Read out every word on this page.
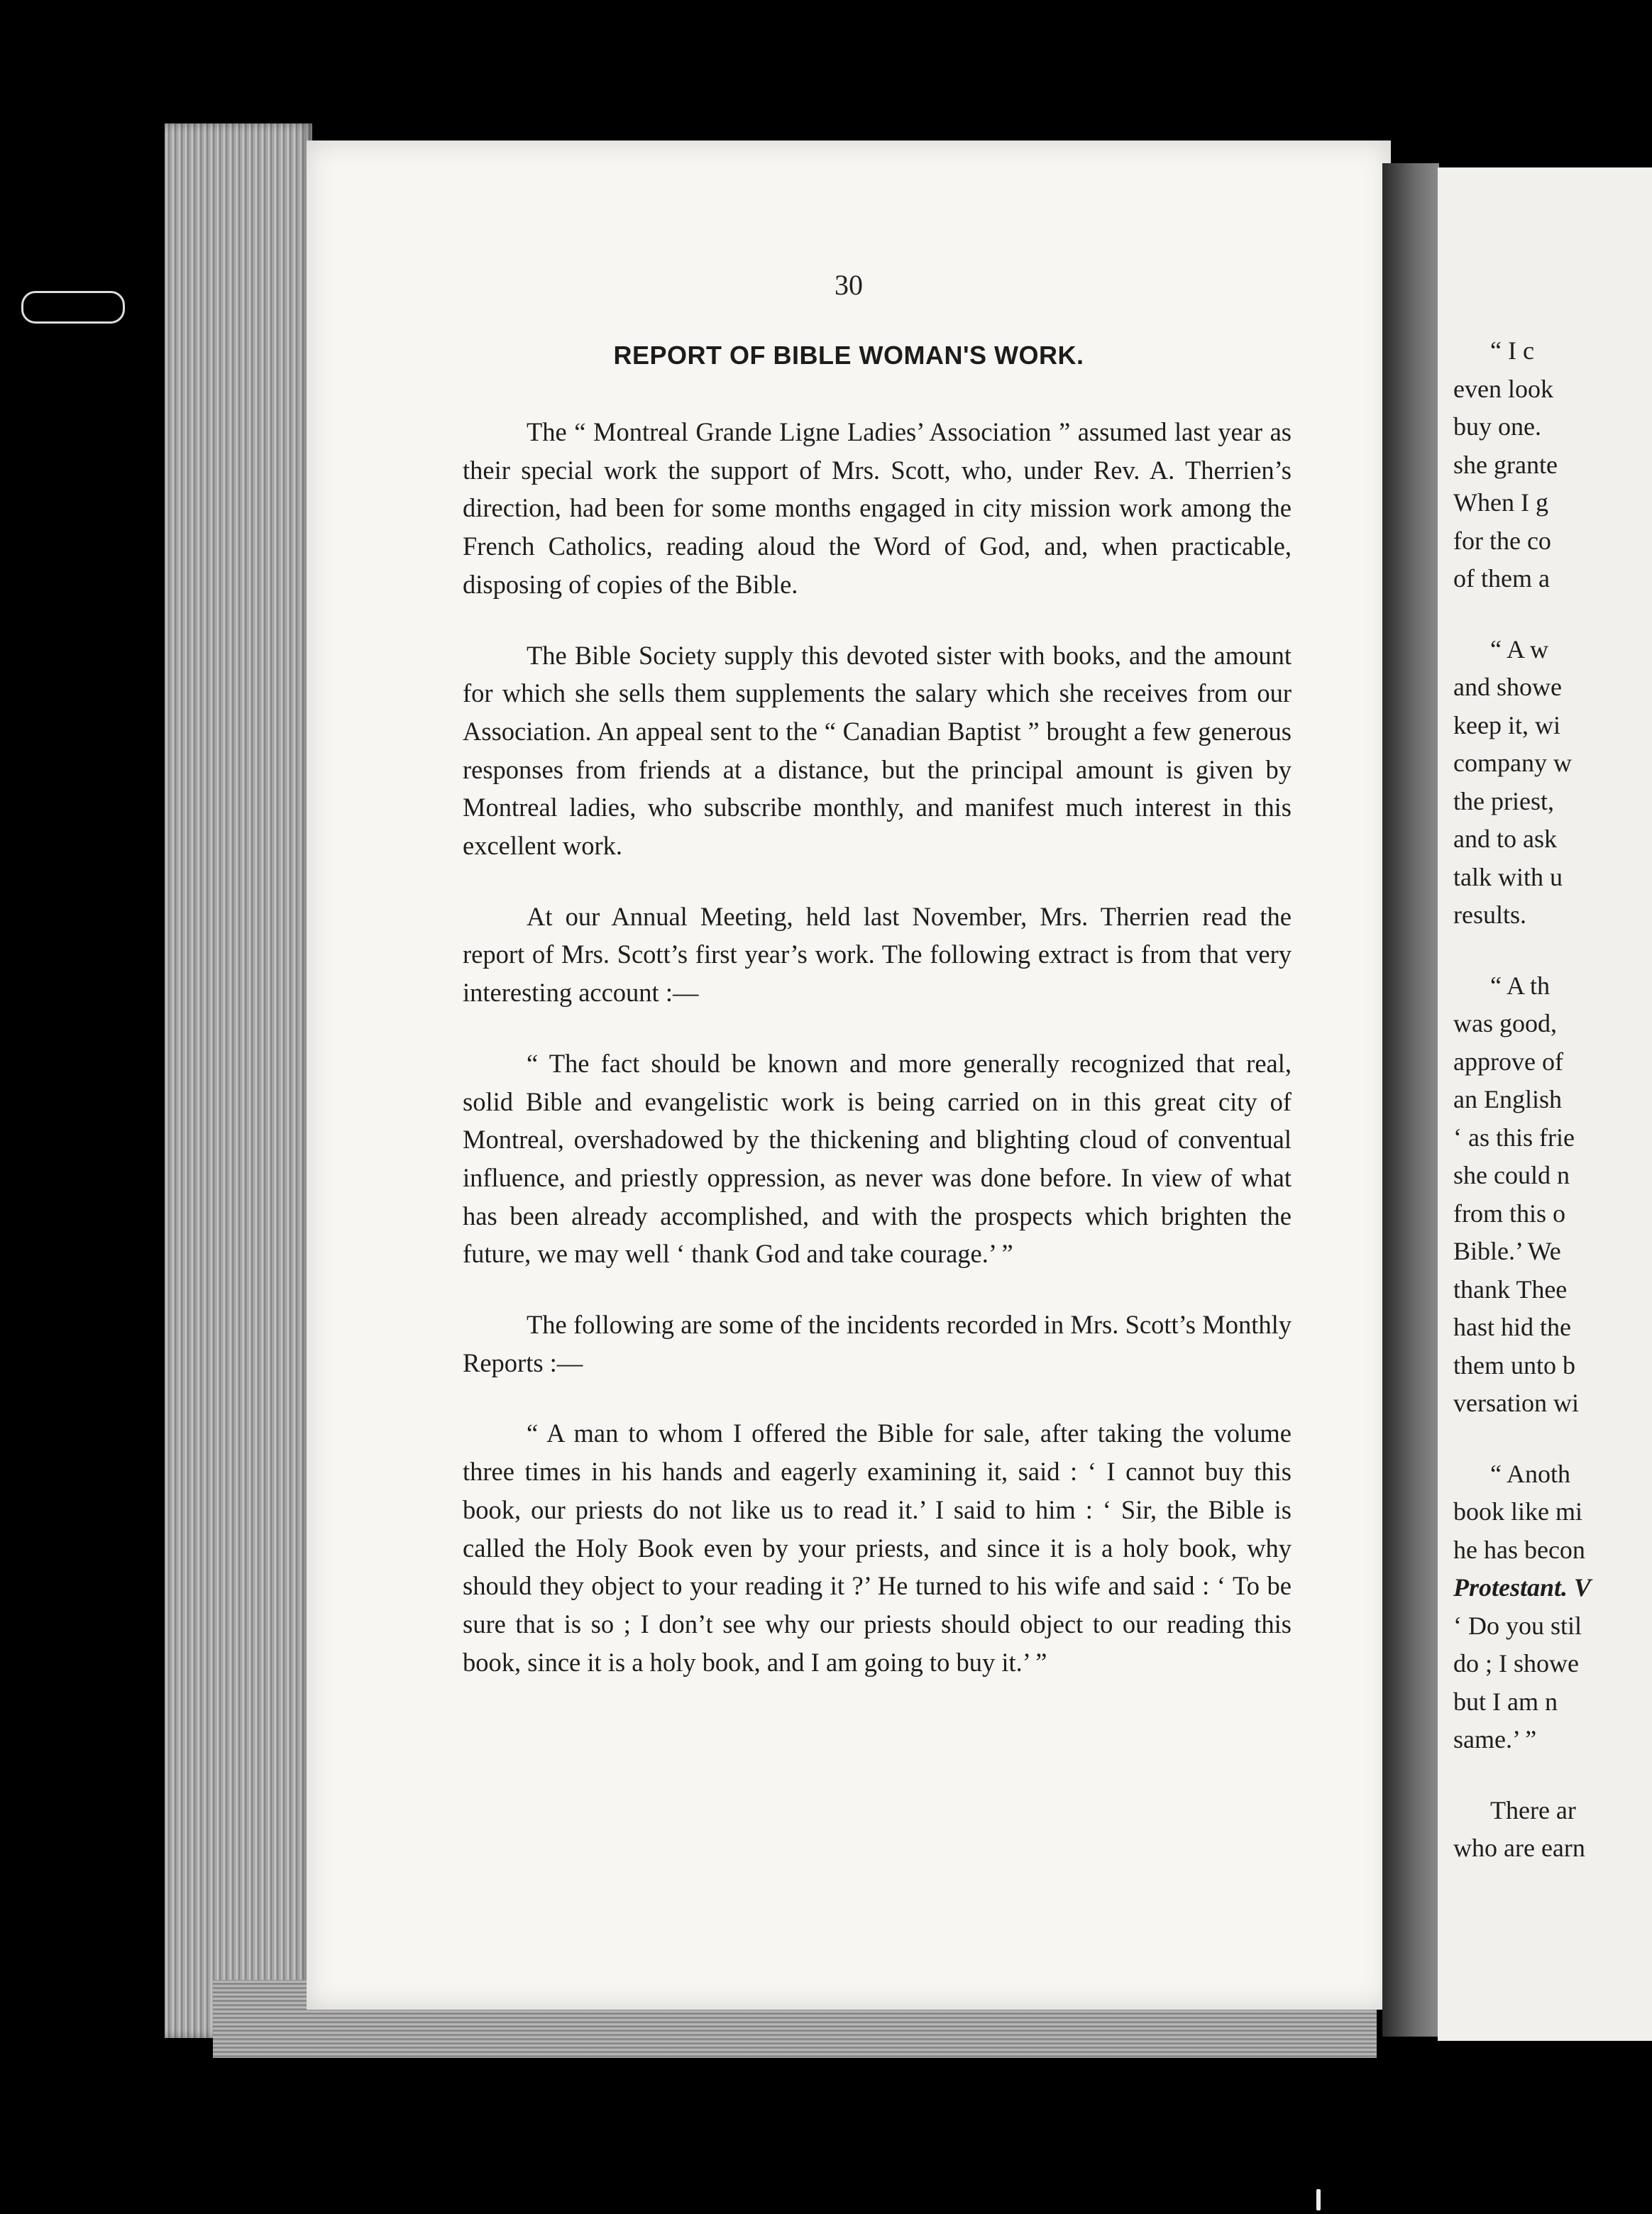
30
REPORT OF BIBLE WOMAN'S WORK.

The “ Montreal Grande Ligne Ladies’ Association ” assumed last year as their special work the support of Mrs. Scott, who, under Rev. A. Therrien’s direction, had been for some months engaged in city mission work among the French Catholics, reading aloud the Word of God, and, when practicable, disposing of copies of the Bible.

The Bible Society supply this devoted sister with books, and the amount for which she sells them supplements the salary which she receives from our Association. An appeal sent to the “ Canadian Baptist ” brought a few generous responses from friends at a distance, but the principal amount is given by Montreal ladies, who subscribe monthly, and manifest much interest in this excellent work.

At our Annual Meeting, held last November, Mrs. Therrien read the report of Mrs. Scott’s first year’s work. The following extract is from that very interesting account :—

“ The fact should be known and more generally recognized that real, solid Bible and evangelistic work is being carried on in this great city of Montreal, overshadowed by the thickening and blighting cloud of conventual influence, and priestly oppression, as never was done before. In view of what has been already accomplished, and with the prospects which brighten the future, we may well ‘ thank God and take courage.’ ”

The following are some of the incidents recorded in Mrs. Scott’s Monthly Reports :—

“ A man to whom I offered the Bible for sale, after taking the volume three times in his hands and eagerly examining it, said : ‘ I cannot buy this book, our priests do not like us to read it.’ I said to him : ‘ Sir, the Bible is called the Holy Book even by your priests, and since it is a holy book, why should they object to your reading it ?’ He turned to his wife and said : ‘ To be sure that is so ; I don’t see why our priests should object to our reading this book, since it is a holy book, and I am going to buy it.’ ”

“ I c
even look
buy one.
she grante
When I g
for the co
of them a
“ A w
and showe
keep it, wi
company w
the priest,
and to ask
talk with u
results.
“ A th
was good,
approve of
an English
‘ as this frie
she could n
from this o
Bible.’ We
thank Thee
hast hid the
them unto b
versation wi
“ Anoth
book like mi
he has becon
Protestant. V
‘ Do you stil
do ; I showe
but I am n
same.’ ”
There ar
who are earn
